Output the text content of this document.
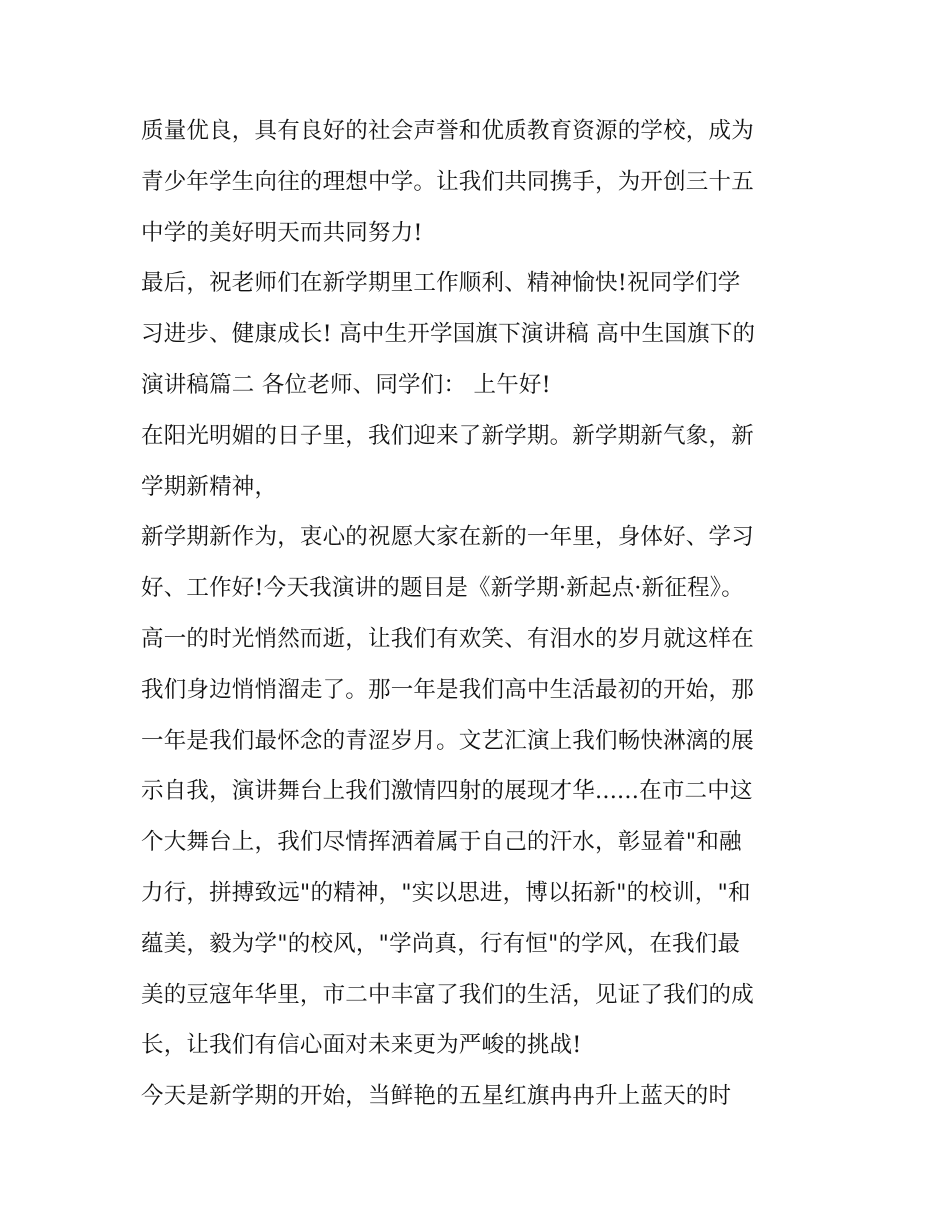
质量优良，具有良好的社会声誉和优质教育资源的学校，成为
青少年学生向往的理想中学。让我们共同携手，为开创三十五
中学的美好明天而共同努力!
最后，祝老师们在新学期里工作顺利、精神愉快!祝同学们学
习进步、健康成长! 高中生开学国旗下演讲稿 高中生国旗下的
演讲稿篇二 各位老师、同学们： 上午好!
在阳光明媚的日子里，我们迎来了新学期。新学期新气象，新
学期新精神，
新学期新作为，衷心的祝愿大家在新的一年里，身体好、学习
好、工作好!今天我演讲的题目是《新学期·新起点·新征程》。
高一的时光悄然而逝，让我们有欢笑、有泪水的岁月就这样在
我们身边悄悄溜走了。那一年是我们高中生活最初的开始，那
一年是我们最怀念的青涩岁月。文艺汇演上我们畅快淋漓的展
示自我，演讲舞台上我们激情四射的展现才华......在市二中这
个大舞台上，我们尽情挥洒着属于自己的汗水，彰显着"和融
力行，拼搏致远"的精神，"实以思进，博以拓新"的校训，"和
蕴美，毅为学"的校风，"学尚真，行有恒"的学风，在我们最
美的豆寇年华里，市二中丰富了我们的生活，见证了我们的成
长，让我们有信心面对未来更为严峻的挑战!
今天是新学期的开始，当鲜艳的五星红旗冉冉升上蓝天的时
